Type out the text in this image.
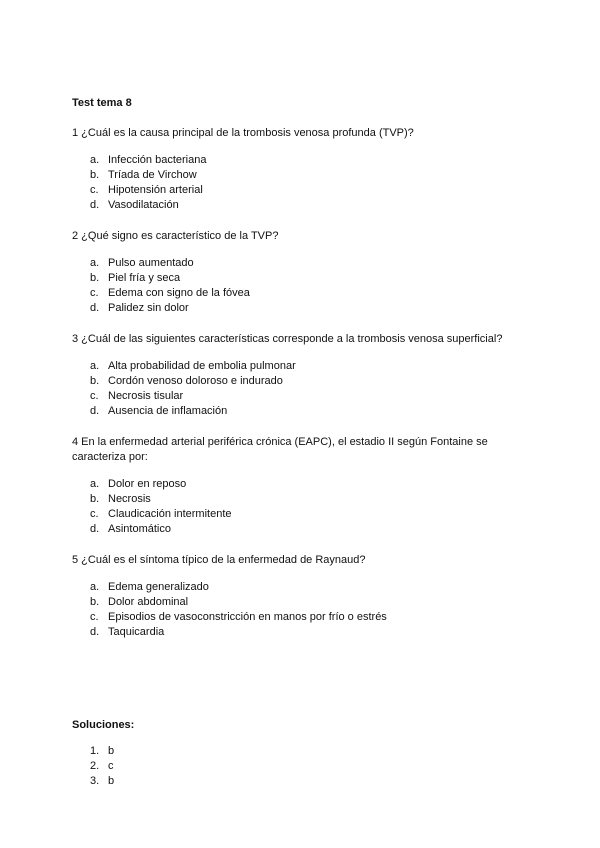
Test tema 8
1 ¿Cuál es la causa principal de la trombosis venosa profunda (TVP)?
a. Infección bacteriana
b. Tríada de Virchow
c. Hipotensión arterial
d. Vasodilatación
2 ¿Qué signo es característico de la TVP?
a. Pulso aumentado
b. Piel fría y seca
c. Edema con signo de la fóvea
d. Palidez sin dolor
3 ¿Cuál de las siguientes características corresponde a la trombosis venosa superficial?
a. Alta probabilidad de embolia pulmonar
b. Cordón venoso doloroso e indurado
c. Necrosis tisular
d. Ausencia de inflamación
4 En la enfermedad arterial periférica crónica (EAPC), el estadio II según Fontaine se caracteriza por:
a. Dolor en reposo
b. Necrosis
c. Claudicación intermitente
d. Asintomático
5 ¿Cuál es el síntoma típico de la enfermedad de Raynaud?
a. Edema generalizado
b. Dolor abdominal
c. Episodios de vasoconstricción en manos por frío o estrés
d. Taquicardia
Soluciones:
1. b
2. c
3. b
